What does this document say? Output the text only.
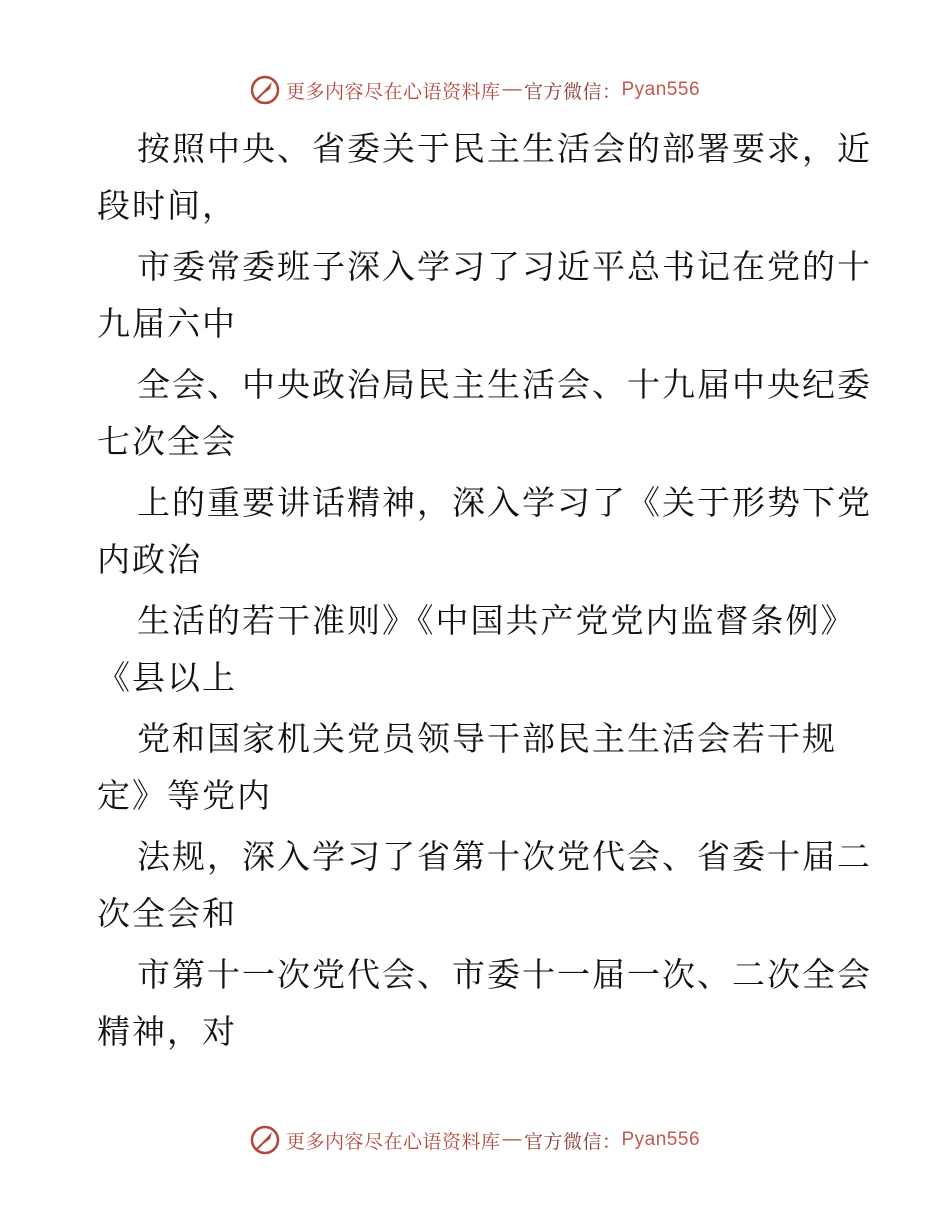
更多内容尽在心语资料库 — 官方微信： Pyan556

按照中央、省委关于民主生活会的部署要求，近
段时间，

市委常委班子深入学习了习近平总书记在党的十
九届六中

全会、中央政治局民主生活会、十九届中央纪委
七次全会

上的重要讲话精神，深入学习了《关于形势下党
内政治

生活的若干准则》《中国共产党党内监督条例》
《县以上

党和国家机关党员领导干部民主生活会若干规
定》等党内

法规，深入学习了省第十次党代会、省委十届二
次全会和

市第十一次党代会、市委十一届一次、二次全会
精神，对

更多内容尽在心语资料库 — 官方微信： Pyan556
